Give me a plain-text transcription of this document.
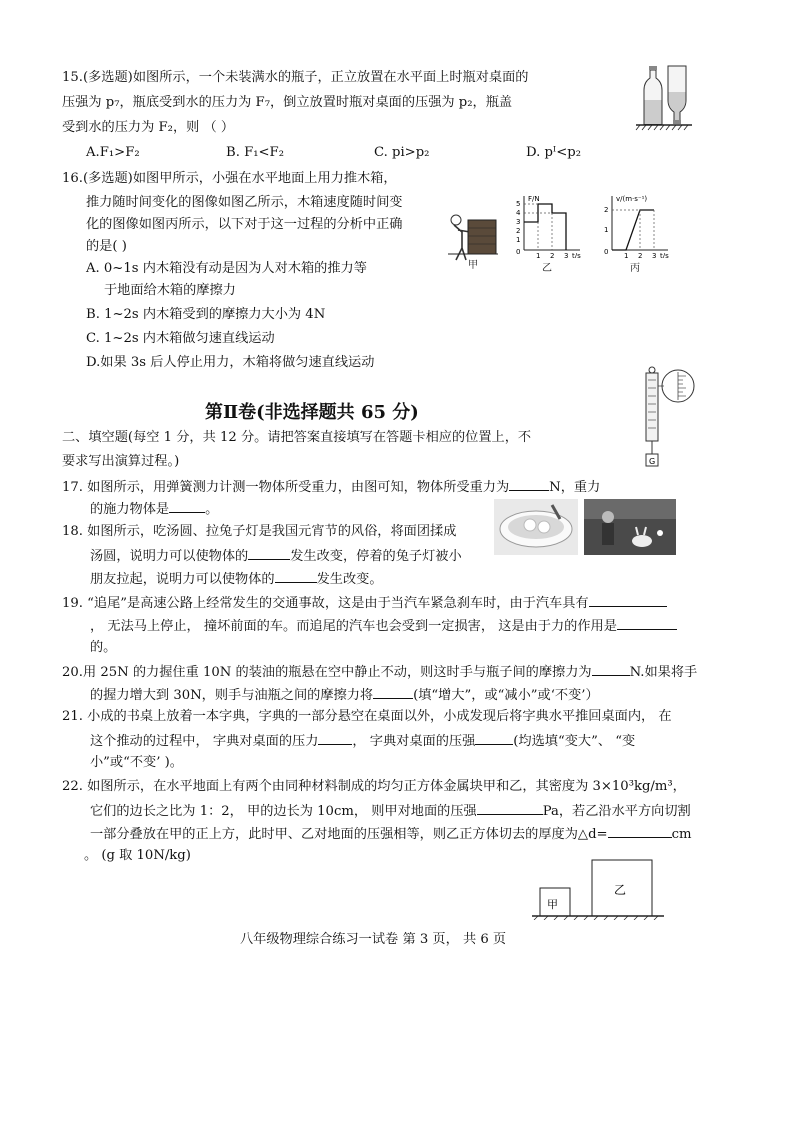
15.(多选题)如图所示，一个未装满水的瓶子，正立放置在水平面上时瓶对桌面的
压强为 p₇，瓶底受到水的压力为 F₇，倒立放置时瓶对桌面的压强为 p₂，瓶盖
受到水的压力为 F₂，则 （ ）
A.F₁>F₂	B. F₁<F₂	C. pi>p₂	D. pᴵ<p₂
16.(多选题)如图甲所示，小强在水平地面上用力推木箱，
推力随时间变化的图像如图乙所示，木箱速度随时间变
化的图像如图丙所示，以下对于这一过程的分析中正确
的是( )
A. 0~1s 内木箱没有动是因为人对木箱的推力等
于地面给木箱的摩擦力
B. 1~2s 内木箱受到的摩擦力大小为 4N
C. 1~2s 内木箱做匀速直线运动
D.如果 3s 后人停止用力，木箱将做匀速直线运动
甲
F/N
t/s
5
4
3
2
1
0 1 2 3
乙
v/(m·s⁻¹)
t/s
2
1
0 1 2 3
丙
G
第Ⅱ卷(非选择题共 65 分)
二、填空题(每空 1 分，共 12 分。请把答案直接填写在答题卡相应的位置上，不
要求写出演算过程。)
17. 如图所示，用弹簧测力计测一物体所受重力，由图可知，物体所受重力为	N，重力
的施力物体是	。
18. 如图所示，吃汤圆、拉兔子灯是我国元宵节的风俗，将面团揉成
汤圆，说明力可以使物体的	发生改变，停着的兔子灯被小
朋友拉起，说明力可以使物体的	发生改变。
19. “追尾”是高速公路上经常发生的交通事故，这是由于当汽车紧急刹车时，由于汽车具有
， 无法马上停止， 撞坏前面的车。而追尾的汽车也会受到一定损害， 这是由于力的作用是
的。
20.用 25N 的力握住重 10N 的装油的瓶悬在空中静止不动，则这时手与瓶子间的摩擦力为	N.如果将手
的握力增大到 30N，则手与油瓶之间的摩擦力将	(填“增大”，或“减小”或‘不变’）
21. 小成的书桌上放着一本字典，字典的一部分悬空在桌面以外，小成发现后将字典水平推回桌面内， 在
这个推动的过程中， 字典对桌面的压力	， 字典对桌面的压强	(均选填“变大”、 “变
小”或“不变’ )。
22. 如图所示，在水平地面上有两个由同种材料制成的均匀正方体金属块甲和乙，其密度为 3×10³kg/m³，
它们的边长之比为 1：2， 甲的边长为 10cm， 则甲对地面的压强	Pa，若乙沿水平方向切割
一部分叠放在甲的正上方，此时甲、乙对地面的压强相等，则乙正方体切去的厚度为△d=	cm
。 (g 取 10N/kg)
甲
乙
八年级物理综合练习一试卷 第 3 页， 共 6 页
